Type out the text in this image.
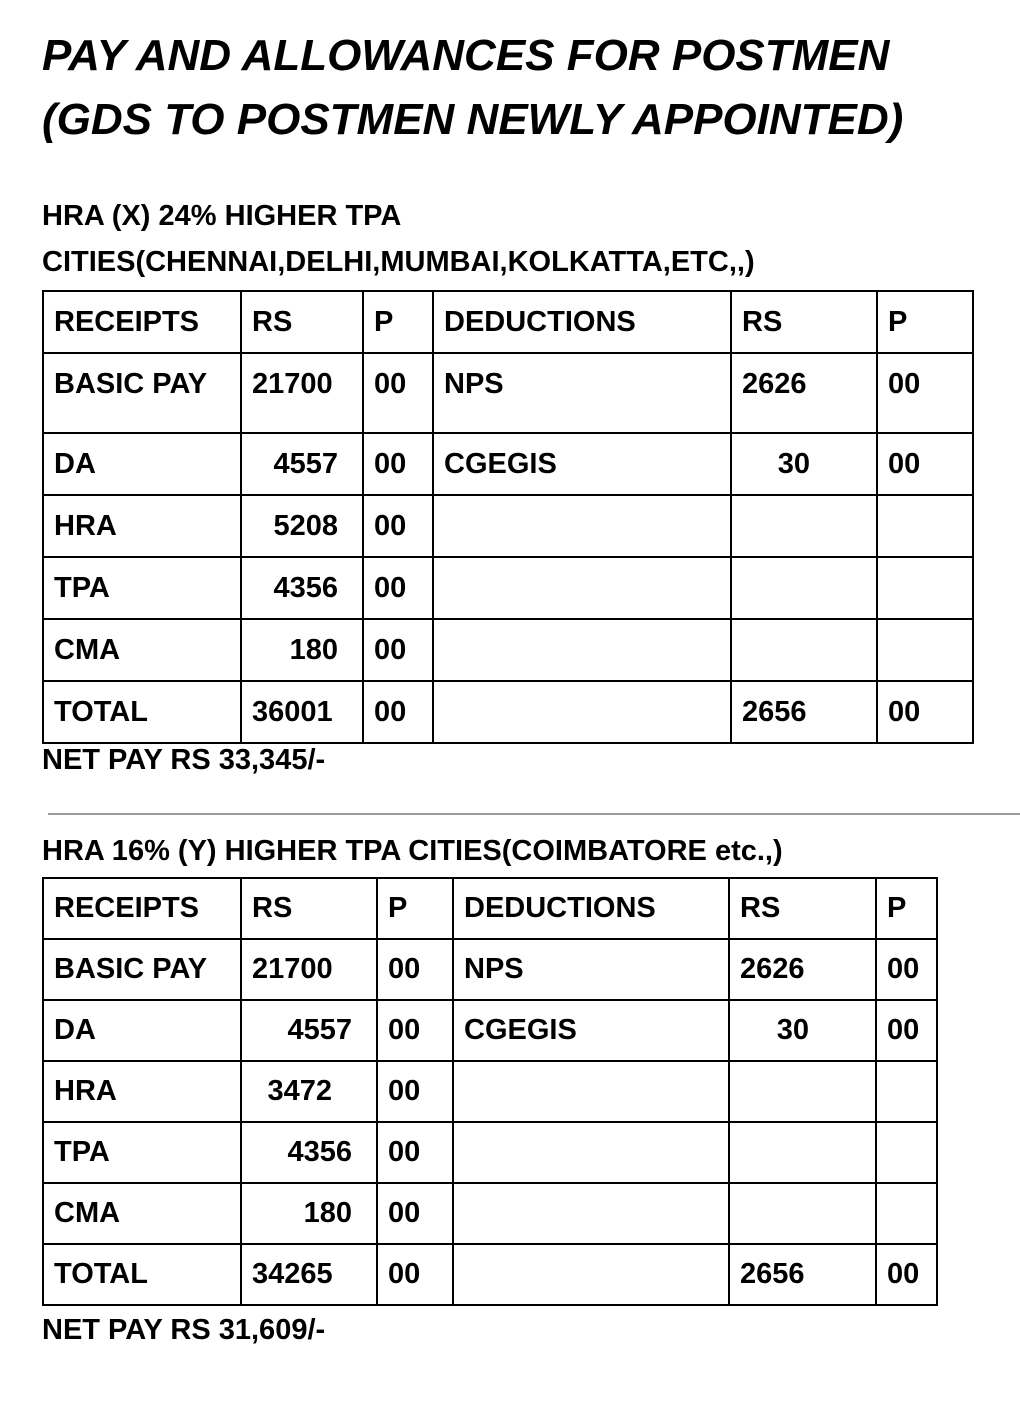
PAY AND ALLOWANCES FOR POSTMEN
(GDS TO POSTMEN NEWLY APPOINTED)
HRA (X) 24% HIGHER TPA
CITIES(CHENNAI,DELHI,MUMBAI,KOLKATTA,ETC,,)
RECEIPTS	RS	P	DEDUCTIONS	RS	P
BASIC PAY	21700	00	NPS	2626	00
DA	4557	00	CGEGIS	30	00
HRA	5208	00			
TPA	4356	00			
CMA	180	00			
TOTAL	36001	00		2656	00

NET PAY RS 33,345/-

HRA 16% (Y) HIGHER TPA CITIES(COIMBATORE etc.,)
RECEIPTS	RS	P	DEDUCTIONS	RS	P
BASIC PAY	21700	00	NPS	2626	00
DA	4557	00	CGEGIS	30	00
HRA	3472	00			
TPA	4356	00			
CMA	180	00			
TOTAL	34265	00		2656	00

NET PAY RS 31,609/-
